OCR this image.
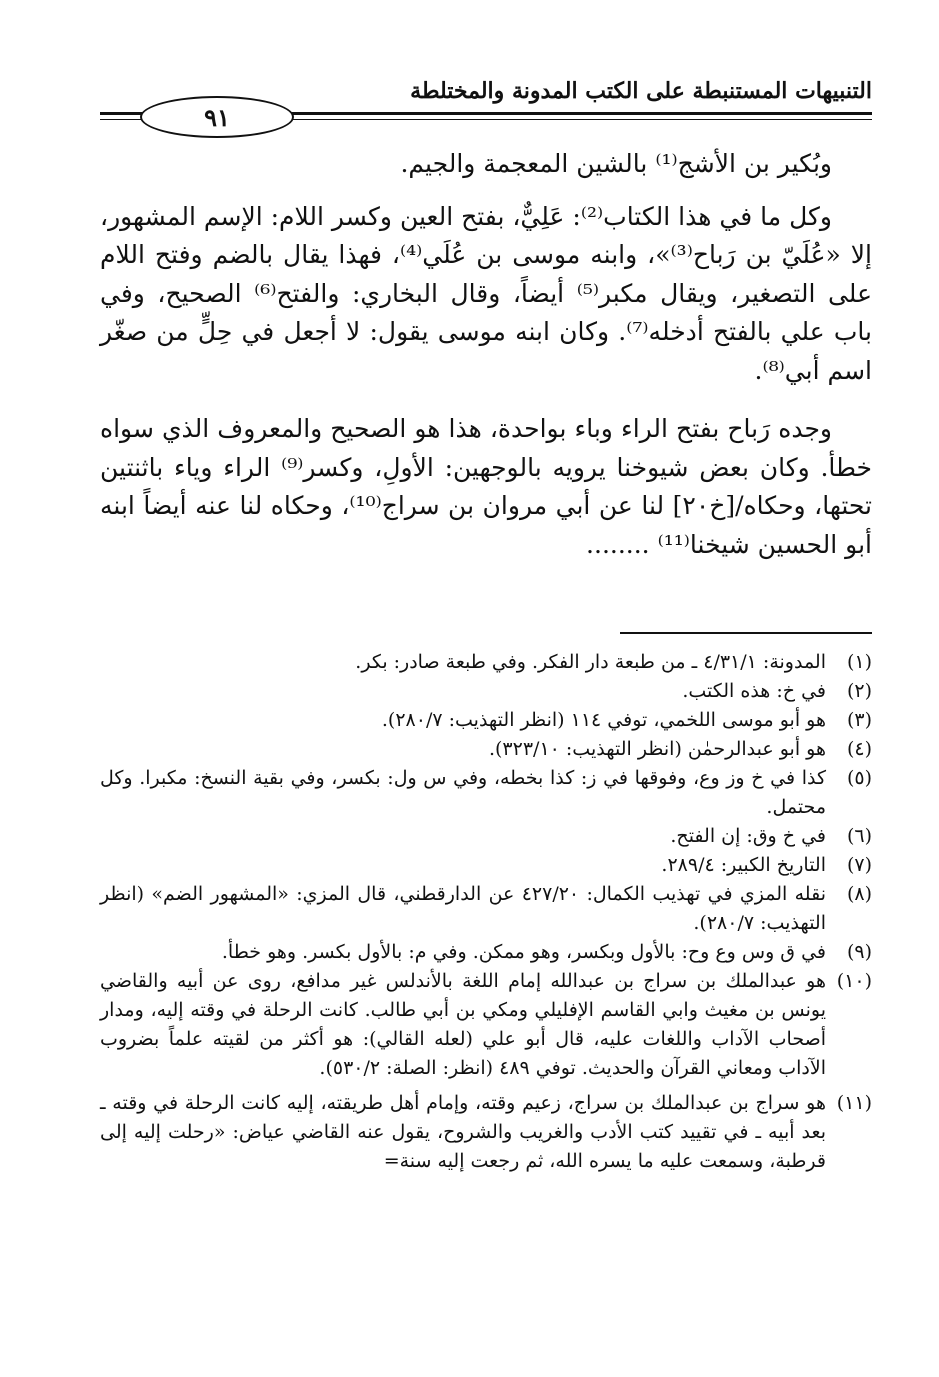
التنبيهات المستنبطة على الكتب المدونة والمختلطة
٩١

وبُكير بن الأشج⁽¹⁾ بالشين المعجمة والجيم.

وكل ما في هذا الكتاب⁽²⁾: عَلِيٌّ، بفتح العين وكسر اللام: الإسم المشهور، إلا «عُلَيّ بن رَباح⁽³⁾»، وابنه موسى بن عُلَي⁽⁴⁾، فهذا يقال بالضم وفتح اللام على التصغير، ويقال مكبر⁽⁵⁾ أيضاً، وقال البخاري: والفتح⁽⁶⁾ الصحيح، وفي باب علي بالفتح أدخله⁽⁷⁾. وكان ابنه موسى يقول: لا أجعل في حِلٍّ من صغّر اسم أبي⁽⁸⁾.

وجده رَباح بفتح الراء وباء بواحدة، هذا هو الصحيح والمعروف الذي سواه خطأ. وكان بعض شيوخنا يرويه بالوجهين: الأولِ، وكسر⁽⁹⁾ الراء وياء باثنتين تحتها، وحكاه/[خ٢٠] لنا عن أبي مروان بن سراج⁽¹⁰⁾، وحكاه لنا عنه أيضاً ابنه أبو الحسين شيخنا⁽¹¹⁾ ........

(١)
المدونة: ٤/٣١/١ ـ من طبعة دار الفكر. وفي طبعة صادر: بكر.
(٢)
في خ: هذه الكتب.
(٣)
هو أبو موسى اللخمي، توفي ١١٤ (انظر التهذيب: ٢٨٠/٧).
(٤)
هو أبو عبدالرحمٰن (انظر التهذيب: ٣٢٣/١٠).
(٥)
كذا في خ وز وع، وفوقها في ز: كذا بخطه، وفي س ول: بكسر، وفي بقية النسخ: مكبرا. وكل محتمل.
(٦)
في خ وق: إن الفتح.
(٧)
التاريخ الكبير: ٢٨٩/٤.
(٨)
نقله المزي في تهذيب الكمال: ٤٢٧/٢٠ عن الدارقطني، قال المزي: «المشهور الضم» (انظر التهذيب: ٢٨٠/٧).
(٩)
في ق وس وع وح: بالأول وبكسر، وهو ممكن. وفي م: بالأول بكسر. وهو خطأ.
(١٠)
هو عبدالملك بن سراج بن عبدالله إمام اللغة بالأندلس غير مدافع، روى عن أبيه والقاضي يونس بن مغيث وابي القاسم الإفليلي ومكي بن أبي طالب. كانت الرحلة في وقته إليه، ومدار أصحاب الآداب واللغات عليه، قال أبو علي (لعله القالي): هو أكثر من لقيته علماً بضروب الآداب ومعاني القرآن والحديث. توفي ٤٨٩ (انظر: الصلة: ٥٣٠/٢).
(١١)
هو سراج بن عبدالملك بن سراج، زعيم وقته، وإمام أهل طريقته، إليه كانت الرحلة في وقته ـ بعد أبيه ـ في تقييد كتب الأدب والغريب والشروح، يقول عنه القاضي عياض: «رحلت إليه إلى قرطبة، وسمعت عليه ما يسره الله، ثم رجعت إليه سنة=
